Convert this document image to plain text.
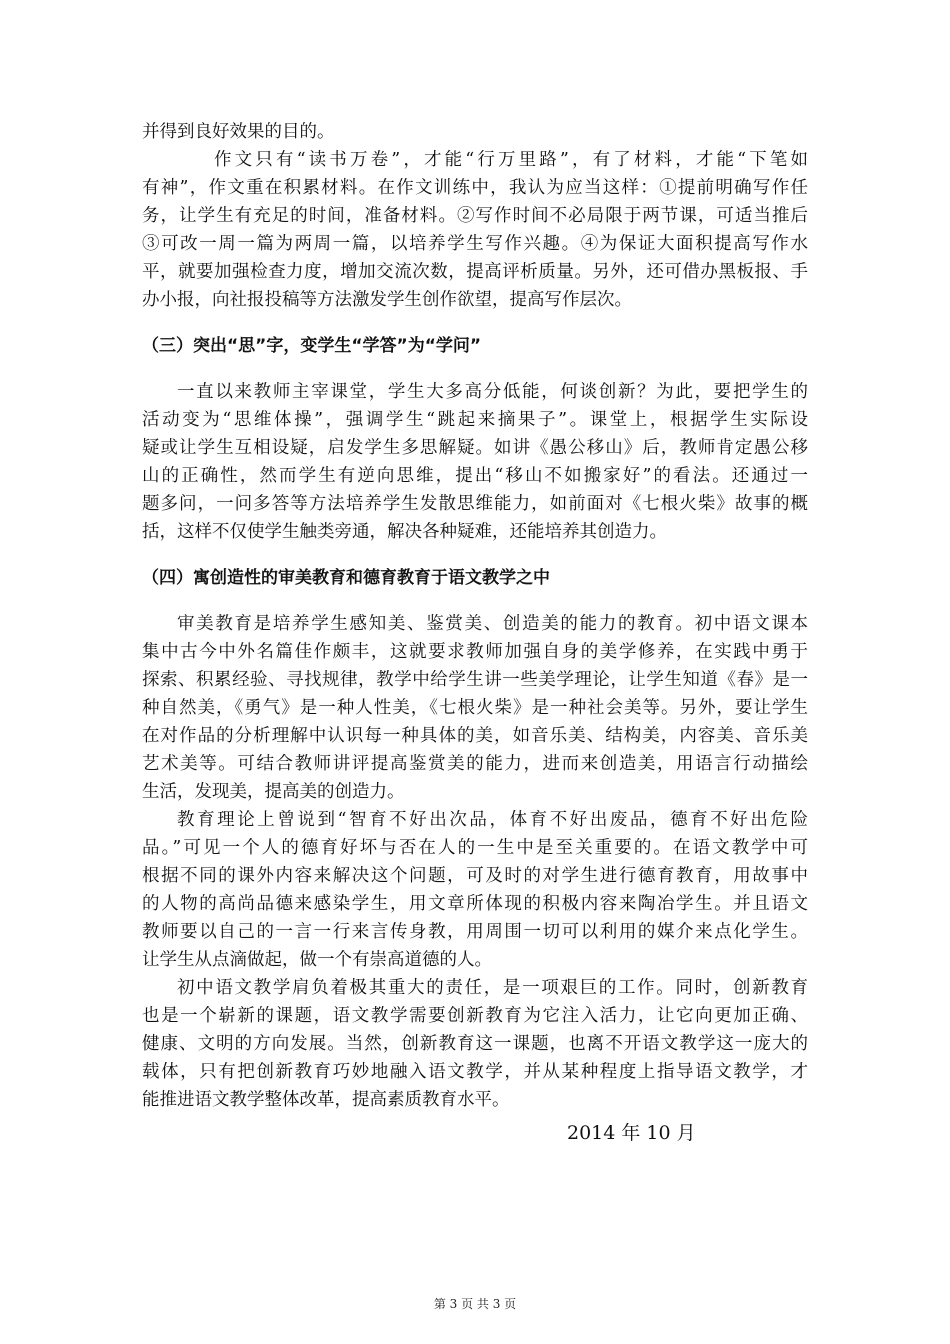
并得到良好效果的目的。
作文只有“读书万卷”，才能“行万里路”，有了材料，才能“下笔如
有神”，作文重在积累材料。在作文训练中，我认为应当这样：①提前明确写作任
务，让学生有充足的时间，准备材料。②写作时间不必局限于两节课，可适当推后
③可改一周一篇为两周一篇，以培养学生写作兴趣。④为保证大面积提高写作水
平，就要加强检查力度，增加交流次数，提高评析质量。另外，还可借办黑板报、手
办小报，向社报投稿等方法激发学生创作欲望，提高写作层次。
（三）突出“思”字，变学生“学答”为“学问”
一直以来教师主宰课堂，学生大多高分低能，何谈创新？为此，要把学生的
活动变为“思维体操”，强调学生“跳起来摘果子”。课堂上，根据学生实际设
疑或让学生互相设疑，启发学生多思解疑。如讲《愚公移山》后，教师肯定愚公移
山的正确性，然而学生有逆向思维，提出“移山不如搬家好”的看法。还通过一
题多问，一问多答等方法培养学生发散思维能力，如前面对《七根火柴》故事的概
括，这样不仅使学生触类旁通，解决各种疑难，还能培养其创造力。
（四）寓创造性的审美教育和德育教育于语文教学之中
审美教育是培养学生感知美、鉴赏美、创造美的能力的教育。初中语文课本
集中古今中外名篇佳作颇丰，这就要求教师加强自身的美学修养，在实践中勇于
探索、积累经验、寻找规律，教学中给学生讲一些美学理论，让学生知道《春》是一
种自然美，《勇气》是一种人性美，《七根火柴》是一种社会美等。另外，要让学生
在对作品的分析理解中认识每一种具体的美，如音乐美、结构美，内容美、音乐美
艺术美等。可结合教师讲评提高鉴赏美的能力，进而来创造美，用语言行动描绘
生活，发现美，提高美的创造力。
教育理论上曾说到“智育不好出次品，体育不好出废品，德育不好出危险
品。”可见一个人的德育好坏与否在人的一生中是至关重要的。在语文教学中可
根据不同的课外内容来解决这个问题，可及时的对学生进行德育教育，用故事中
的人物的高尚品德来感染学生，用文章所体现的积极内容来陶冶学生。并且语文
教师要以自己的一言一行来言传身教，用周围一切可以利用的媒介来点化学生。
让学生从点滴做起，做一个有崇高道德的人。
初中语文教学肩负着极其重大的责任，是一项艰巨的工作。同时，创新教育
也是一个崭新的课题，语文教学需要创新教育为它注入活力，让它向更加正确、
健康、文明的方向发展。当然，创新教育这一课题，也离不开语文教学这一庞大的
载体，只有把创新教育巧妙地融入语文教学，并从某种程度上指导语文教学，才
能推进语文教学整体改革，提高素质教育水平。
2014 年 10 月
第 3 页 共 3 页
